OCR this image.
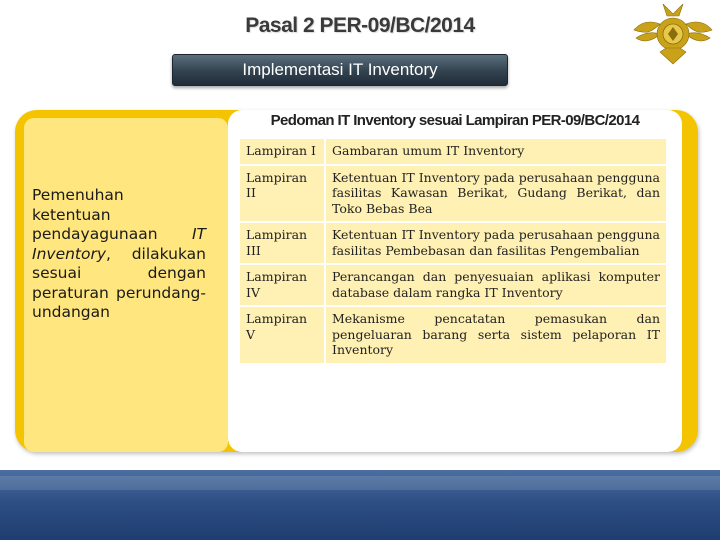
Pasal 2 PER-09/BC/2014
Implementasi IT Inventory
Pemenuhan ketentuan pendayagunaan IT Inventory, dilakukan sesuai dengan peraturan perundang-undangan
Pedoman IT Inventory sesuai Lampiran PER-09/BC/2014
Lampiran I	Gambaran umum IT Inventory
Lampiran II	Ketentuan IT Inventory pada perusahaan pengguna fasilitas Kawasan Berikat, Gudang Berikat, dan Toko Bebas Bea
Lampiran III	Ketentuan IT Inventory pada perusahaan pengguna fasilitas Pembebasan dan fasilitas Pengembalian
Lampiran IV	Perancangan dan penyesuaian aplikasi komputer database dalam rangka IT Inventory
Lampiran V	Mekanisme pencatatan pemasukan dan pengeluaran barang serta sistem pelaporan IT Inventory
